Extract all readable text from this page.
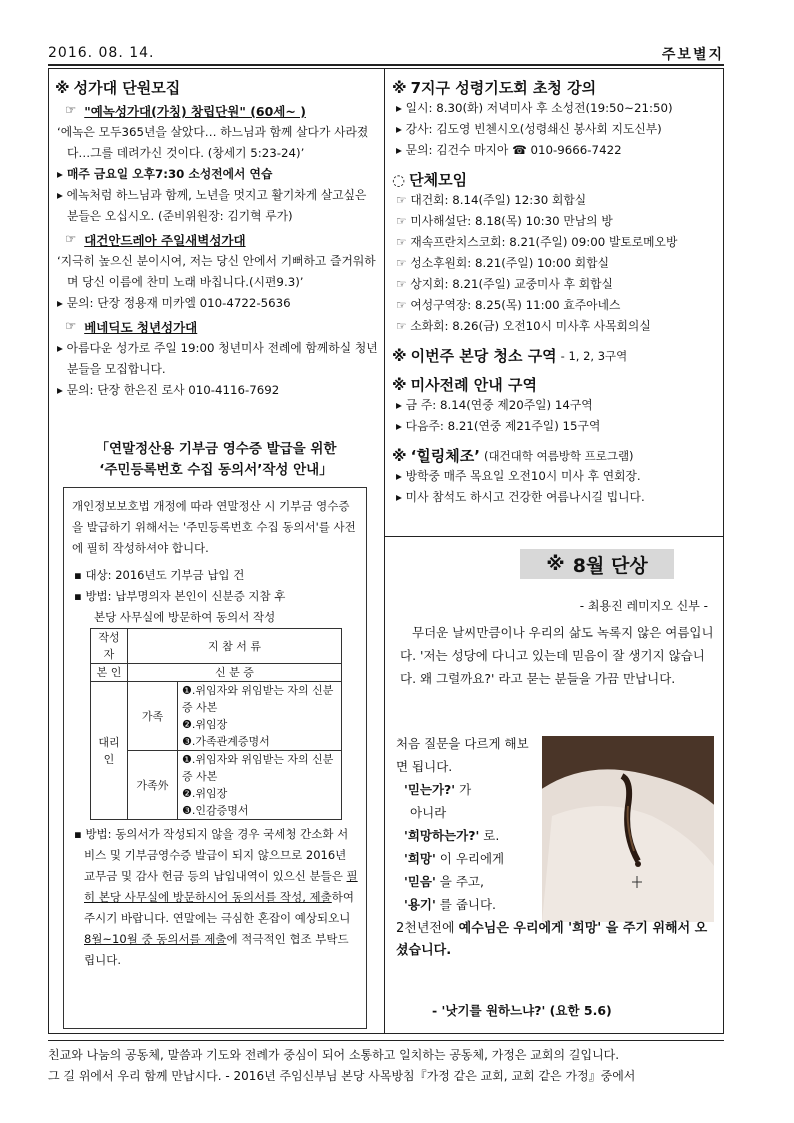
2016. 08. 14.	주보별지
※ 성가대 단원모집
☞ "예녹성가대(가칭) 창립단원" (60세~ )
‘에녹은 모두365년을 살았다… 하느님과 함께 살다가 사라졌다…그를 데려가신 것이다. (창세기 5:23-24)’
▸ 매주 금요일 오후7:30 소성전에서 연습
▸ 에녹처럼 하느님과 함께, 노년을 멋지고 활기차게 살고싶은 분들은 오십시오. (준비위원장: 김기혁 루가)
☞ 대건안드레아 주일새벽성가대
‘지극히 높으신 분이시여, 저는 당신 안에서 기뻐하고 즐거워하며 당신 이름에 찬미 노래 바칩니다.(시편9.3)’
▸ 문의: 단장 정용재 미카엘 010-4722-5636
☞ 베네딕도 청년성가대
▸ 아름다운 성가로 주일 19:00 청년미사 전례에 함께하실 청년분들을 모집합니다.
▸ 문의: 단장 한은진 로사 010-4116-7692
「연말정산용 기부금 영수증 발급을 위한
‘주민등록번호 수집 동의서’작성 안내」
개인정보보호법 개정에 따라 연말정산 시 기부금 영수증을 발급하기 위해서는 '주민등록번호 수집 동의서'를 사전에 필히 작성하셔야 합니다.
▪ 대상: 2016년도 기부금 납입 건
▪ 방법: 납부명의자 본인이 신분증 지참 후
본당 사무실에 방문하여 동의서 작성
작성자	지 참 서 류	
본 인	신 분 증	
대리인	가족	❶.위임자와 위임받는 자의 신분증 사본
❷.위임장
❸.가족관계증명서

	가족外	❶.위임자와 위임받는 자의 신분증 사본
❷.위임장
❸.인감증명서
▪ 방법: 동의서가 작성되지 않을 경우 국세청 간소화 서비스 및 기부금영수증 발급이 되지 않으므로 2016년 교무금 및 감사 헌금 등의 납입내역이 있으신 분들은 필히 본당 사무실에 방문하시어 동의서를 작성, 제출하여 주시기 바랍니다. 연말에는 극심한 혼잡이 예상되오니 8월~10월 중 동의서를 제출에 적극적인 협조 부탁드립니다.
※ 7지구 성령기도회 초청 강의
▸ 일시: 8.30(화) 저녁미사 후 소성전(19:50~21:50)
▸ 강사: 김도영 빈첸시오(성령쇄신 봉사회 지도신부)
▸ 문의: 김건수 마지아 ☎ 010-9666-7422
◌ 단체모임
☞ 대건회: 8.14(주일) 12:30 회합실
☞ 미사해설단: 8.18(목) 10:30 만남의 방
☞ 재속프란치스코회: 8.21(주일) 09:00 발토로메오방
☞ 성소후원회: 8.21(주일) 10:00 회합실
☞ 상지회: 8.21(주일) 교중미사 후 회합실
☞ 여성구역장: 8.25(목) 11:00 효주아네스
☞ 소화회: 8.26(금) 오전10시 미사후 사목회의실
※ 이번주 본당 청소 구역 - 1, 2, 3구역
※ 미사전례 안내 구역
▸ 금 주: 8.14(연중 제20주일) 14구역
▸ 다음주: 8.21(연중 제21주일) 15구역
※ ‘힐링체조’ (대건대학 여름방학 프로그램)
▸ 방학중 매주 목요일 오전10시 미사 후 연회장.
▸ 미사 참석도 하시고 건강한 여름나시길 빕니다.
※ 8월 단상
- 최용진 레미지오 신부 -
무더운 날씨만큼이나 우리의 삶도 녹록지 않은 여름입니다. '저는 성당에 다니고 있는데 믿음이 잘 생기지 않습니다. 왜 그럴까요?' 라고 묻는 분들을 가끔 만납니다.
처음 질문을 다르게 해보면 됩니다.
'믿는가?' 가
아니라
'희망하는가?' 로.
'희망' 이 우리에게
'믿음' 을 주고,
'용기' 를 줍니다.
2천년전에 예수님은 우리에게 '희망' 을 주기 위해서 오셨습니다.
- '낫기를 원하느냐?' (요한 5.6)
친교와 나눔의 공동체, 말씀과 기도와 전례가 중심이 되어 소통하고 일치하는 공동체, 가정은 교회의 길입니다.
그 길 위에서 우리 함께 만납시다. - 2016년 주임신부님 본당 사목방침『가정 같은 교회, 교회 같은 가정』중에서
